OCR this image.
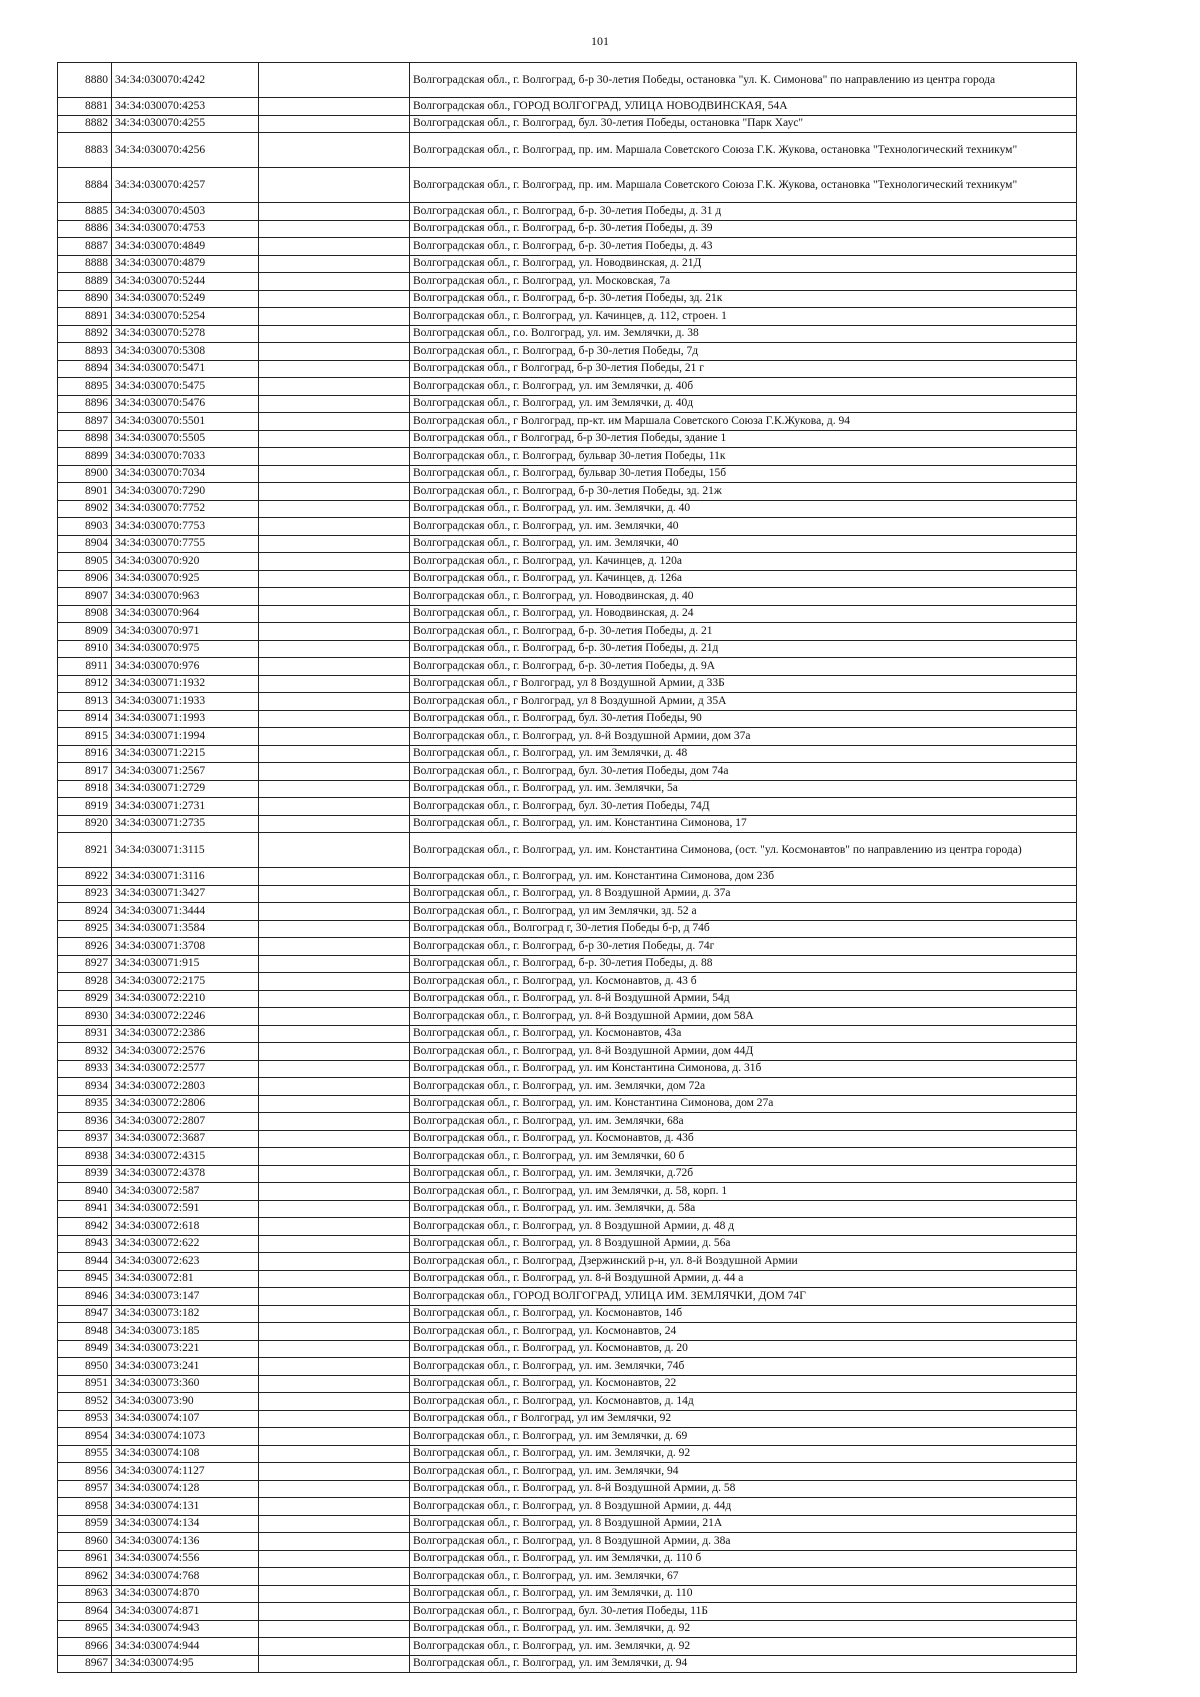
101
8880	34:34:030070:4242		Волгоградская обл., г. Волгоград, б-р 30-летия Победы, остановка "ул. К. Симонова" по направлению из центра города
8881	34:34:030070:4253		Волгоградская обл., ГОРОД ВОЛГОГРАД, УЛИЦА НОВОДВИНСКАЯ, 54А
8882	34:34:030070:4255		Волгоградская обл., г. Волгоград, бул. 30-летия Победы, остановка "Парк Хаус"
8883	34:34:030070:4256		Волгоградская обл., г. Волгоград, пр. им. Маршала Советского Союза Г.К. Жукова, остановка "Технологический техникум"
8884	34:34:030070:4257		Волгоградская обл., г. Волгоград, пр. им. Маршала Советского Союза Г.К. Жукова, остановка "Технологический техникум"
8885	34:34:030070:4503		Волгоградская обл., г. Волгоград, б-р. 30-летия Победы, д. 31 д
8886	34:34:030070:4753		Волгоградская обл., г. Волгоград, б-р. 30-летия Победы, д. 39
8887	34:34:030070:4849		Волгоградская обл., г. Волгоград, б-р. 30-летия Победы, д. 43
8888	34:34:030070:4879		Волгоградская обл., г. Волгоград, ул. Новодвинская, д. 21Д
8889	34:34:030070:5244		Волгоградская обл., г. Волгоград, ул. Московская, 7а
8890	34:34:030070:5249		Волгоградская обл., г. Волгоград, б-р. 30-летия Победы, зд. 21к
8891	34:34:030070:5254		Волгоградская обл., г. Волгоград, ул. Качинцев, д. 112, строен. 1
8892	34:34:030070:5278		Волгоградская обл., г.о. Волгоград, ул. им. Землячки, д. 38
8893	34:34:030070:5308		Волгоградская обл., г. Волгоград, б-р 30-летия Победы, 7д
8894	34:34:030070:5471		Волгоградская обл., г Волгоград, б-р 30-летия Победы, 21 г
8895	34:34:030070:5475		Волгоградская обл., г. Волгоград, ул. им Землячки, д. 40б
8896	34:34:030070:5476		Волгоградская обл., г. Волгоград, ул. им Землячки, д. 40д
8897	34:34:030070:5501		Волгоградская обл., г Волгоград, пр-кт. им Маршала Советского Союза Г.К.Жукова, д. 94
8898	34:34:030070:5505		Волгоградская обл., г Волгоград, б-р 30-летия Победы, здание 1
8899	34:34:030070:7033		Волгоградская обл., г. Волгоград, бульвар 30-летия Победы, 11к
8900	34:34:030070:7034		Волгоградская обл., г. Волгоград, бульвар 30-летия Победы, 15б
8901	34:34:030070:7290		Волгоградская обл., г. Волгоград, б-р 30-летия Победы, зд. 21ж
8902	34:34:030070:7752		Волгоградская обл., г. Волгоград, ул. им. Землячки, д. 40
8903	34:34:030070:7753		Волгоградская обл., г. Волгоград, ул. им. Землячки, 40
8904	34:34:030070:7755		Волгоградская обл., г. Волгоград, ул. им. Землячки, 40
8905	34:34:030070:920		Волгоградская обл., г. Волгоград, ул. Качинцев, д. 120а
8906	34:34:030070:925		Волгоградская обл., г. Волгоград, ул. Качинцев, д. 126а
8907	34:34:030070:963		Волгоградская обл., г. Волгоград, ул. Новодвинская, д. 40
8908	34:34:030070:964		Волгоградская обл., г. Волгоград, ул. Новодвинская, д. 24
8909	34:34:030070:971		Волгоградская обл., г. Волгоград, б-р. 30-летия Победы, д. 21
8910	34:34:030070:975		Волгоградская обл., г. Волгоград, б-р. 30-летия Победы, д. 21д
8911	34:34:030070:976		Волгоградская обл., г. Волгоград, б-р. 30-летия Победы, д. 9А
8912	34:34:030071:1932		Волгоградская обл., г Волгоград, ул 8 Воздушной Армии, д 33Б
8913	34:34:030071:1933		Волгоградская обл., г Волгоград, ул 8 Воздушной Армии, д 35А
8914	34:34:030071:1993		Волгоградская обл., г. Волгоград, бул. 30-летия Победы, 90
8915	34:34:030071:1994		Волгоградская обл., г. Волгоград, ул. 8-й Воздушной Армии, дом 37а
8916	34:34:030071:2215		Волгоградская обл., г. Волгоград, ул. им Землячки, д. 48
8917	34:34:030071:2567		Волгоградская обл., г. Волгоград, бул. 30-летия Победы, дом 74а
8918	34:34:030071:2729		Волгоградская обл., г. Волгоград, ул. им. Землячки, 5а
8919	34:34:030071:2731		Волгоградская обл., г. Волгоград, бул. 30-летия Победы, 74Д
8920	34:34:030071:2735		Волгоградская обл., г. Волгоград, ул. им. Константина Симонова, 17
8921	34:34:030071:3115		Волгоградская обл., г. Волгоград, ул. им. Константина Симонова, (ост. "ул. Космонавтов" по направлению из центра города)
8922	34:34:030071:3116		Волгоградская обл., г. Волгоград, ул. им. Константина Симонова, дом 23б
8923	34:34:030071:3427		Волгоградская обл., г. Волгоград, ул. 8 Воздушной Армии, д. 37а
8924	34:34:030071:3444		Волгоградская обл., г. Волгоград, ул им Землячки, зд. 52 а
8925	34:34:030071:3584		Волгоградская обл., Волгоград г, 30-летия Победы б-р, д 74б
8926	34:34:030071:3708		Волгоградская обл., г. Волгоград, б-р 30-летия Победы, д. 74г
8927	34:34:030071:915		Волгоградская обл., г. Волгоград, б-р. 30-летия Победы, д. 88
8928	34:34:030072:2175		Волгоградская обл., г. Волгоград, ул. Космонавтов, д. 43 б
8929	34:34:030072:2210		Волгоградская обл., г. Волгоград, ул. 8-й Воздушной Армии, 54д
8930	34:34:030072:2246		Волгоградская обл., г. Волгоград, ул. 8-й Воздушной Армии, дом 58А
8931	34:34:030072:2386		Волгоградская обл., г. Волгоград, ул. Космонавтов, 43а
8932	34:34:030072:2576		Волгоградская обл., г. Волгоград, ул. 8-й Воздушной Армии, дом 44Д
8933	34:34:030072:2577		Волгоградская обл., г. Волгоград, ул. им Константина Симонова, д. 31б
8934	34:34:030072:2803		Волгоградская обл., г. Волгоград, ул. им. Землячки, дом 72а
8935	34:34:030072:2806		Волгоградская обл., г. Волгоград, ул. им. Константина Симонова, дом 27а
8936	34:34:030072:2807		Волгоградская обл., г. Волгоград, ул. им. Землячки, 68а
8937	34:34:030072:3687		Волгоградская обл., г. Волгоград, ул. Космонавтов, д. 43б
8938	34:34:030072:4315		Волгоградская обл., г. Волгоград, ул. им Землячки, 60 б
8939	34:34:030072:4378		Волгоградская обл., г. Волгоград, ул. им. Землячки, д.72б
8940	34:34:030072:587		Волгоградская обл., г. Волгоград, ул. им Землячки, д. 58, корп. 1
8941	34:34:030072:591		Волгоградская обл., г. Волгоград, ул. им. Землячки, д. 58а
8942	34:34:030072:618		Волгоградская обл., г. Волгоград, ул. 8 Воздушной Армии, д. 48 д
8943	34:34:030072:622		Волгоградская обл., г. Волгоград, ул. 8 Воздушной Армии, д. 56а
8944	34:34:030072:623		Волгоградская обл., г. Волгоград, Дзержинский р-н, ул. 8-й Воздушной Армии
8945	34:34:030072:81		Волгоградская обл., г. Волгоград, ул. 8-й Воздушной Армии, д. 44 а
8946	34:34:030073:147		Волгоградская обл., ГОРОД ВОЛГОГРАД, УЛИЦА ИМ. ЗЕМЛЯЧКИ, ДОМ 74Г
8947	34:34:030073:182		Волгоградская обл., г. Волгоград, ул. Космонавтов, 14б
8948	34:34:030073:185		Волгоградская обл., г. Волгоград, ул. Космонавтов, 24
8949	34:34:030073:221		Волгоградская обл., г. Волгоград, ул. Космонавтов, д. 20
8950	34:34:030073:241		Волгоградская обл., г. Волгоград, ул. им. Землячки, 74б
8951	34:34:030073:360		Волгоградская обл., г. Волгоград, ул. Космонавтов, 22
8952	34:34:030073:90		Волгоградская обл., г. Волгоград, ул. Космонавтов, д. 14д
8953	34:34:030074:107		Волгоградская обл., г Волгоград, ул им Землячки, 92
8954	34:34:030074:1073		Волгоградская обл., г. Волгоград, ул. им Землячки, д. 69
8955	34:34:030074:108		Волгоградская обл., г. Волгоград, ул. им. Землячки, д. 92
8956	34:34:030074:1127		Волгоградская обл., г. Волгоград, ул. им. Землячки, 94
8957	34:34:030074:128		Волгоградская обл., г. Волгоград, ул. 8-й Воздушной Армии, д. 58
8958	34:34:030074:131		Волгоградская обл., г. Волгоград, ул. 8 Воздушной Армии, д. 44д
8959	34:34:030074:134		Волгоградская обл., г. Волгоград, ул. 8 Воздушной Армии, 21А
8960	34:34:030074:136		Волгоградская обл., г. Волгоград, ул. 8 Воздушной Армии, д. 38а
8961	34:34:030074:556		Волгоградская обл., г. Волгоград, ул. им Землячки, д. 110 б
8962	34:34:030074:768		Волгоградская обл., г. Волгоград, ул. им. Землячки, 67
8963	34:34:030074:870		Волгоградская обл., г. Волгоград, ул. им Землячки, д. 110
8964	34:34:030074:871		Волгоградская обл., г. Волгоград, бул. 30-летия Победы, 11Б
8965	34:34:030074:943		Волгоградская обл., г. Волгоград, ул. им. Землячки, д. 92
8966	34:34:030074:944		Волгоградская обл., г. Волгоград, ул. им. Землячки, д. 92
8967	34:34:030074:95		Волгоградская обл., г. Волгоград, ул. им Землячки, д. 94
